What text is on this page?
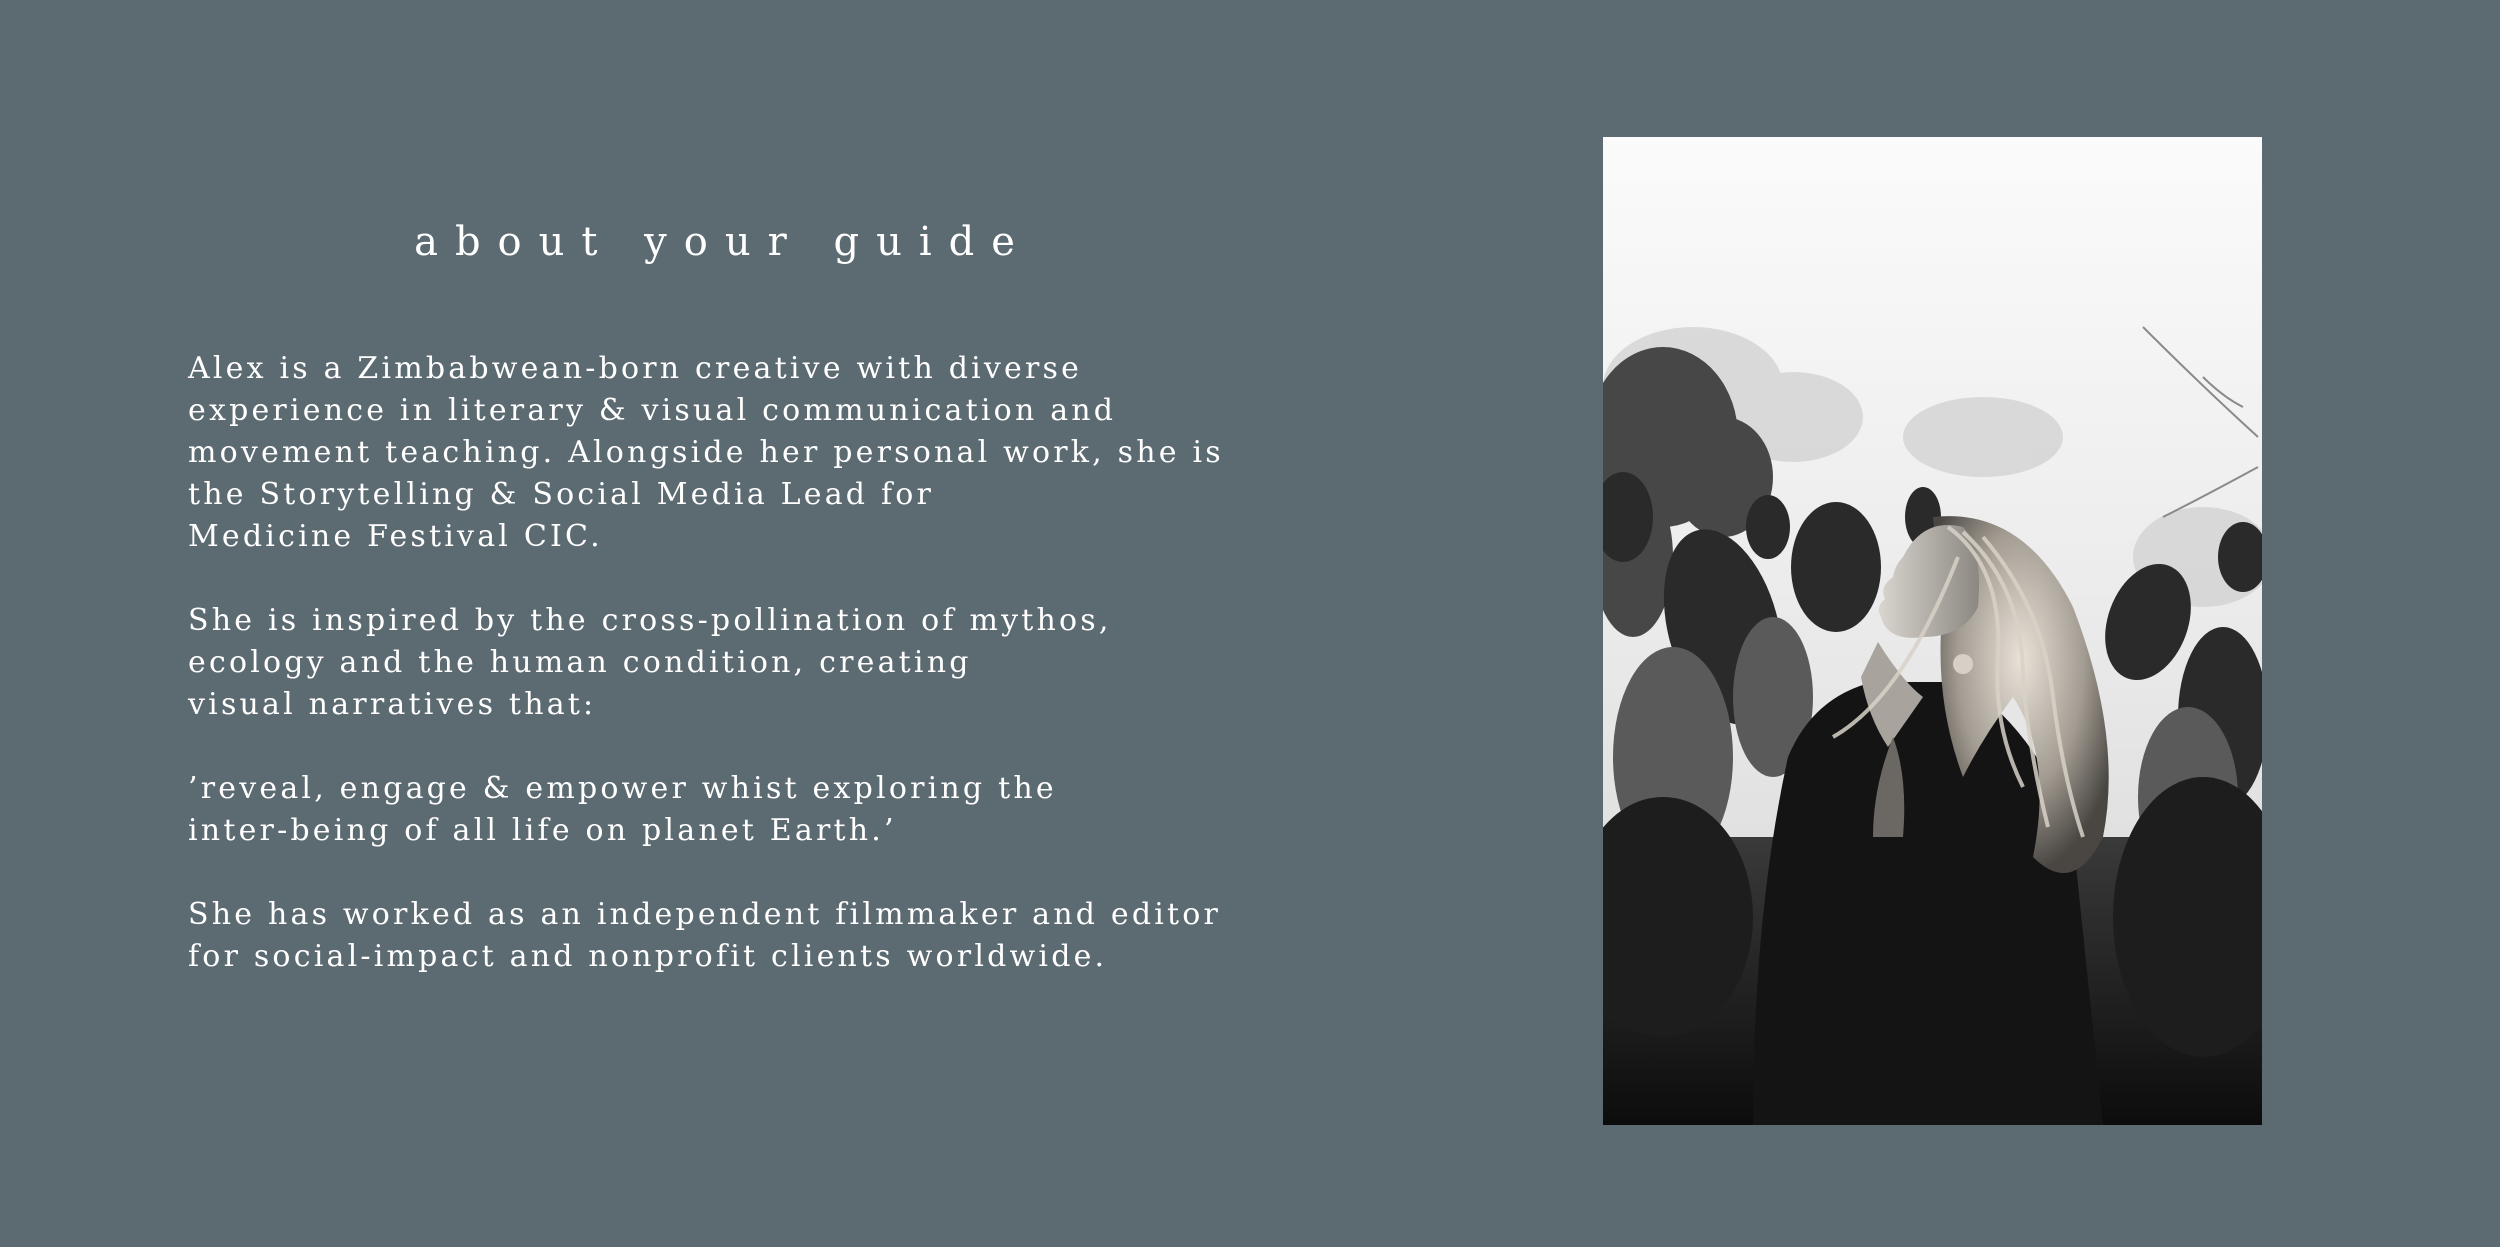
about your guide

Alex is a Zimbabwean-born creative with diverse
experience in literary & visual communication and
movement teaching. Alongside her personal work, she is
the Storytelling & Social Media Lead for
Medicine Festival CIC.

She is inspired by the cross-pollination of mythos,
ecology and the human condition, creating
visual narratives that:

’reveal, engage & empower whist exploring the
inter-being of all life on planet Earth.’

She has worked as an independent filmmaker and editor
for social-impact and nonprofit clients worldwide.
